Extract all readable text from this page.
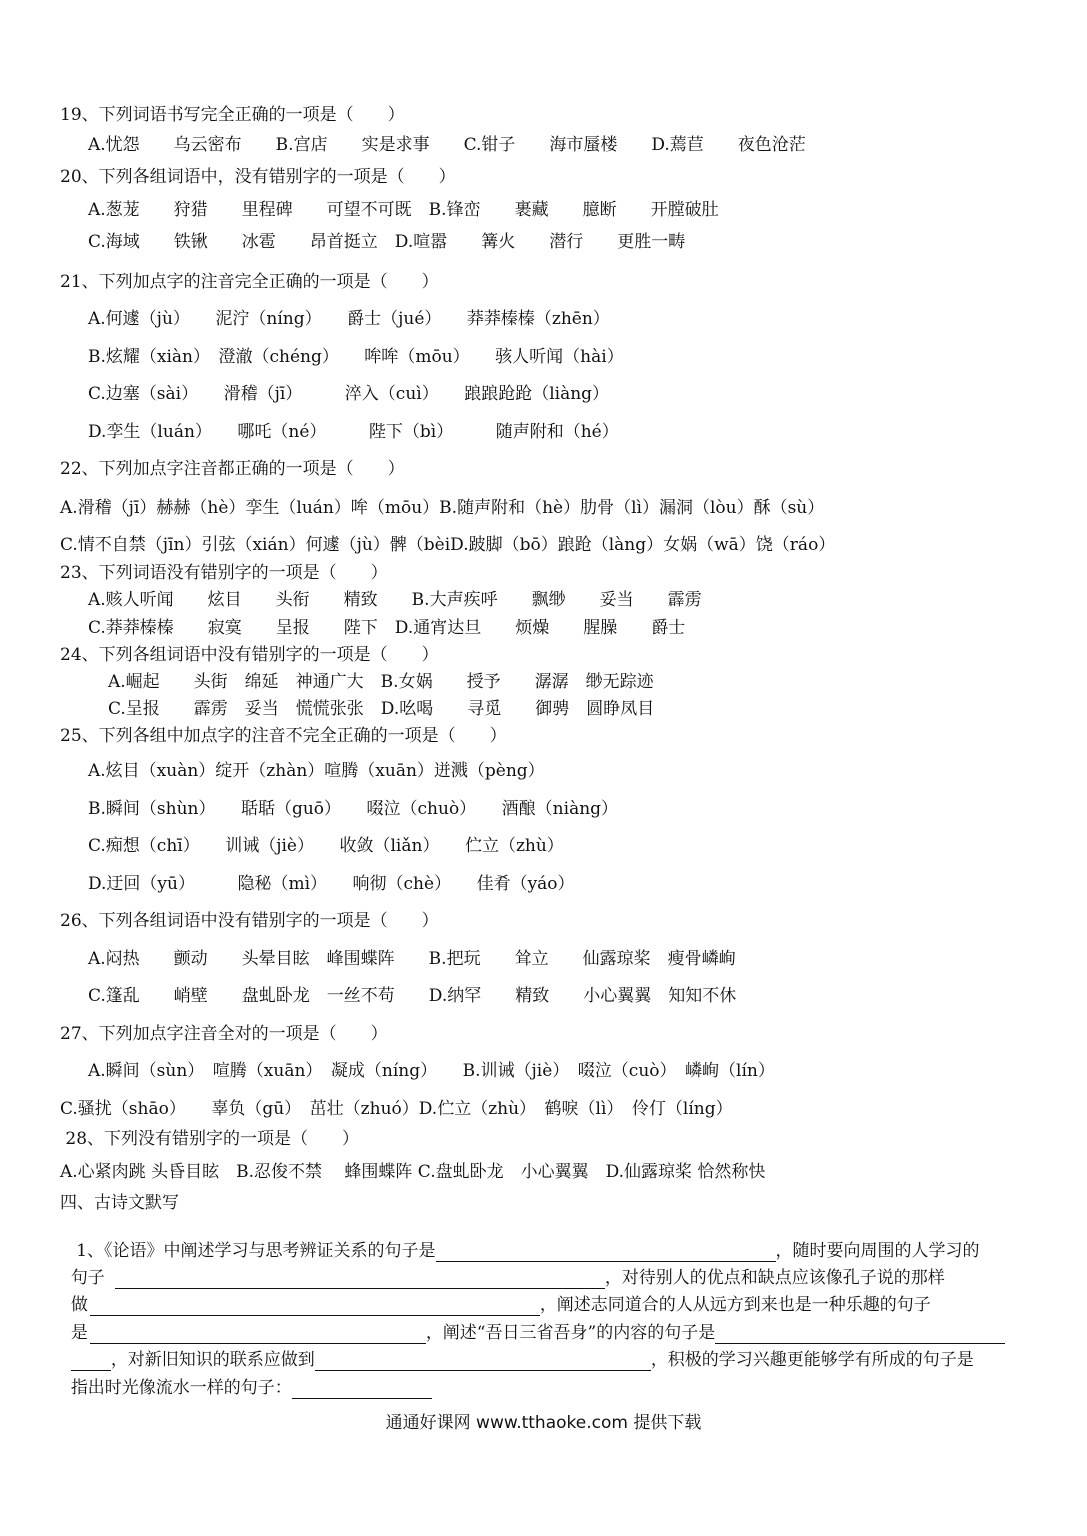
19、下列词语书写完全正确的一项是（　　）
A.忧怨　　乌云密布　　B.宫店　　实是求事　　C.钳子　　海市蜃楼　　D.蔫苣　　夜色沧茫
20、下列各组词语中，没有错别字的一项是（　　）
A.葱茏　　狩猎　　里程碑　　可望不可既　B.锋峦　　裹藏　　臆断　　开膛破肚
C.海域　　铁锹　　冰雹　　昂首挺立　D.喧嚣　　篝火　　潜行　　更胜一畴
21、下列加点字的注音完全正确的一项是（　　）
A.何遽（jù）　　泥泞（níng）　　爵士（jué）　　莽莽榛榛（zhēn）
B.炫耀（xiàn）　澄澈（chéng）　　哞哞（mōu）　　骇人听闻（hài）
C.边塞（sài）　　滑稽（jī）　　　淬入（cuì）　　踉踉跄跄（liàng）
D.孪生（luán）　　哪吒（né）　　　陛下（bì）　　　随声附和（hé）
22、下列加点字注音都正确的一项是（　　）
A.滑稽（jī）赫赫（hè）孪生（luán）哞（mōu）B.随声附和（hè）肋骨（lì）漏洞（lòu）酥（sù）
C.情不自禁（jīn）引弦（xián）何遽（jù）髀（bèiD.跛脚（bō）踉跄（làng）女娲（wā）饶（ráo）
23、下列词语没有错别字的一项是（　　）
A.赅人听闻　　炫目　　头衔　　精致　　B.大声疾呼　　飘缈　　妥当　　霹雳
C.莽莽榛榛　　寂寞　　呈报　　陛下　D.通宵达旦　　烦燥　　腥臊　　爵士
24、下列各组词语中没有错别字的一项是（　　）
A.崛起　　头街　绵延　神通广大　B.女娲　　授予　　潺潺　缈无踪迹
C.呈报　　霹雳　妥当　慌慌张张　D.吆喝　　寻觅　　御骋　圆睁凤目
25、下列各组中加点字的注音不完全正确的一项是（　　）
A.炫目（xuàn）绽开（zhàn）喧腾（xuān）迸溅（pèng）
B.瞬间（shùn）　　聒聒（guō）　　啜泣（chuò）　　酒酿（niàng）
C.痴想（chī）　　训诫（jiè）　　收敛（liǎn）　　伫立（zhù）
D.迂回（yū）　　　隐秘（mì）　　响彻（chè）　　佳肴（yáo）
26、下列各组词语中没有错别字的一项是（　　）
A.闷热　　颤动　　头晕目眩　峰围蝶阵　　B.把玩　　耸立　　仙露琼桨　瘦骨嶙峋
C.篷乱　　峭壁　　盘虬卧龙　一丝不苟　　D.纳罕　　精致　　小心翼翼　知知不休
27、下列加点字注音全对的一项是（　　）
A.瞬间（sùn）　喧腾（xuān）　凝成（níng）　　B.训诫（jiè）　啜泣（cuò）　嶙峋（lín）
C.骚扰（shāo）　　辜负（gū）　茁壮（zhuó）D.伫立（zhù）　鹤唳（lì）　伶仃（líng）
28、下列没有错别字的一项是（　　）
A.心紧肉跳 头昏目眩　B.忍俊不禁　 蜂围蝶阵 C.盘虬卧龙　小心翼翼　D.仙露琼桨 恰然称快
四、古诗文默写

1、《论语》中阐述学习与思考辨证关系的句子是	，随时要向周围的人学习的

句子	，对待别人的优点和缺点应该像孔子说的那样

做	，阐述志同道合的人从远方到来也是一种乐趣的句子

是	，阐述“吾日三省吾身”的内容的句子是

，对新旧知识的联系应做到	，积极的学习兴趣更能够学有所成的句子是

指出时光像流水一样的句子：

通通好课网 www.tthaoke.com 提供下载
